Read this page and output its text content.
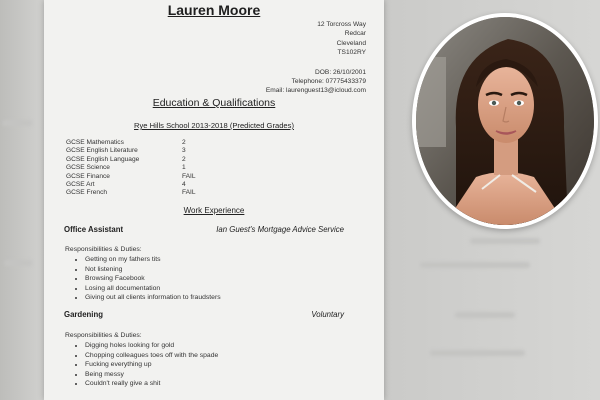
Lauren Moore
12 Torcross Way
Redcar
Cleveland
TS102RY
DOB: 26/10/2001
Telephone: 07775433379
Email: laurenguest13@icloud.com
Education & Qualifications
Rye Hills School 2013-2018 (Predicted Grades)
GCSE Mathematics	2
GCSE English Literature	3
GCSE English Language	2
GCSE Science	1
GCSE Finance	FAIL
GCSE Art	4
GCSE French	FAIL
Work Experience
Office Assistant	Ian Guest's Mortgage Advice Service
Responsibilities & Duties:
• Getting on my fathers tits
• Not listening
• Browsing Facebook
• Losing all documentation
• Giving out all clients information to fraudsters
Gardening	Voluntary
Responsibilities & Duties:
• Digging holes looking for gold
• Chopping colleagues toes off with the spade
• Fucking everything up
• Being messy
• Couldn't really give a shit
